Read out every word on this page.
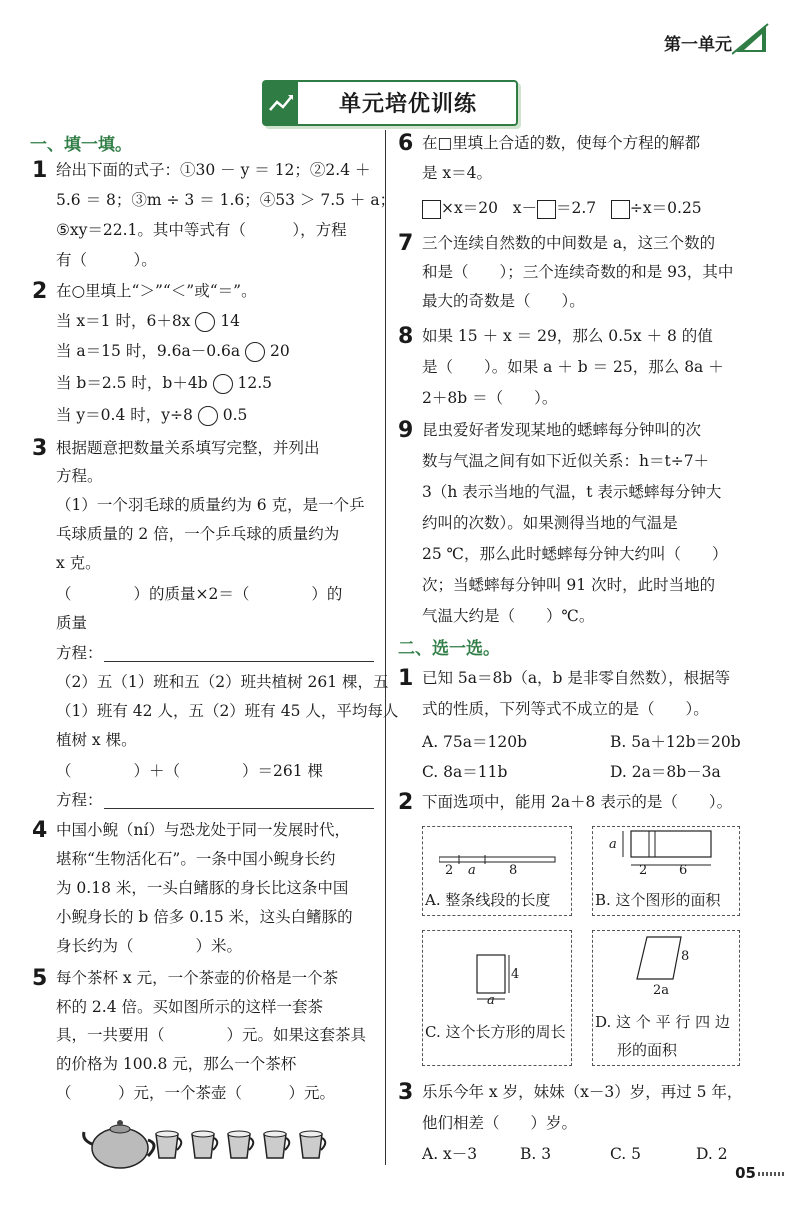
第一单元
单元培优训练
一、填一填。
1 给出下面的式子：①30 － y ＝ 12；②2.4 ＋
5.6 ＝ 8；③m ÷ 3 ＝ 1.6；④53 ＞ 7.5 ＋ a；
⑤xy＝22.1。其中等式有（　　　），方程
有（　　　）。
2 在○里填上“＞”“＜”或“＝”。
当 x＝1 时，6＋8x 14
当 a＝15 时，9.6a－0.6a 20
当 b＝2.5 时，b＋4b 12.5
当 y＝0.4 时，y÷8 0.5
3 根据题意把数量关系填写完整，并列出
方程。
（1）一个羽毛球的质量约为 6 克，是一个乒
乓球质量的 2 倍，一个乒乓球的质量约为
x 克。
（　　　　）的质量×2＝（　　　　）的
质量
方程：
（2）五（1）班和五（2）班共植树 261 棵，五
（1）班有 42 人，五（2）班有 45 人，平均每人
植树 x 棵。
（　　　　）＋（　　　　）＝261 棵
方程：
4 中国小鲵（ní）与恐龙处于同一发展时代，
堪称“生物活化石”。一条中国小鲵身长约
为 0.18 米，一头白鳍豚的身长比这条中国
小鲵身长的 b 倍多 0.15 米，这头白鳍豚的
身长约为（　　　　）米。
5 每个茶杯 x 元，一个茶壶的价格是一个茶
杯的 2.4 倍。买如图所示的这样一套茶
具，一共要用（　　　　）元。如果这套茶具
的价格为 100.8 元，那么一个茶杯
（　　　）元，一个茶壶（　　　）元。
6 在□里填上合适的数，使每个方程的解都
是 x＝4。
×x＝20 x－ ＝2.7 ÷x＝0.25
7 三个连续自然数的中间数是 a，这三个数的
和是（　　）；三个连续奇数的和是 93，其中
最大的奇数是（　　）。
8 如果 15 ＋ x ＝ 29，那么 0.5x ＋ 8 的值
是（　　）。如果 a ＋ b ＝ 25，那么 8a ＋
2＋8b ＝（　　）。
9 昆虫爱好者发现某地的蟋蟀每分钟叫的次
数与气温之间有如下近似关系：h＝t÷7＋
3（h 表示当地的气温，t 表示蟋蟀每分钟大
约叫的次数）。如果测得当地的气温是
25 ℃，那么此时蟋蟀每分钟大约叫（　　）
次；当蟋蟀每分钟叫 91 次时，此时当地的
气温大约是（　　）℃。
二、选一选。
1 已知 5a＝8b（a，b 是非零自然数），根据等
式的性质，下列等式不成立的是（　　）。
A. 75a＝120b	B. 5a＋12b＝20b
C. 8a＝11b	D. 2a＝8b－3a
2 下面选项中，能用 2a＋8 表示的是（　　）。
2 a	8
A. 整条线段的长度
a
2 6
B. 这个图形的面积
4
a
C. 这个长方形的周长
8
2a
D. 这 个 平 行 四 边
形的面积
3 乐乐今年 x 岁，妹妹（x－3）岁，再过 5 年，
他们相差（　　）岁。
A. x－3	B. 3	C. 5	D. 2
05
